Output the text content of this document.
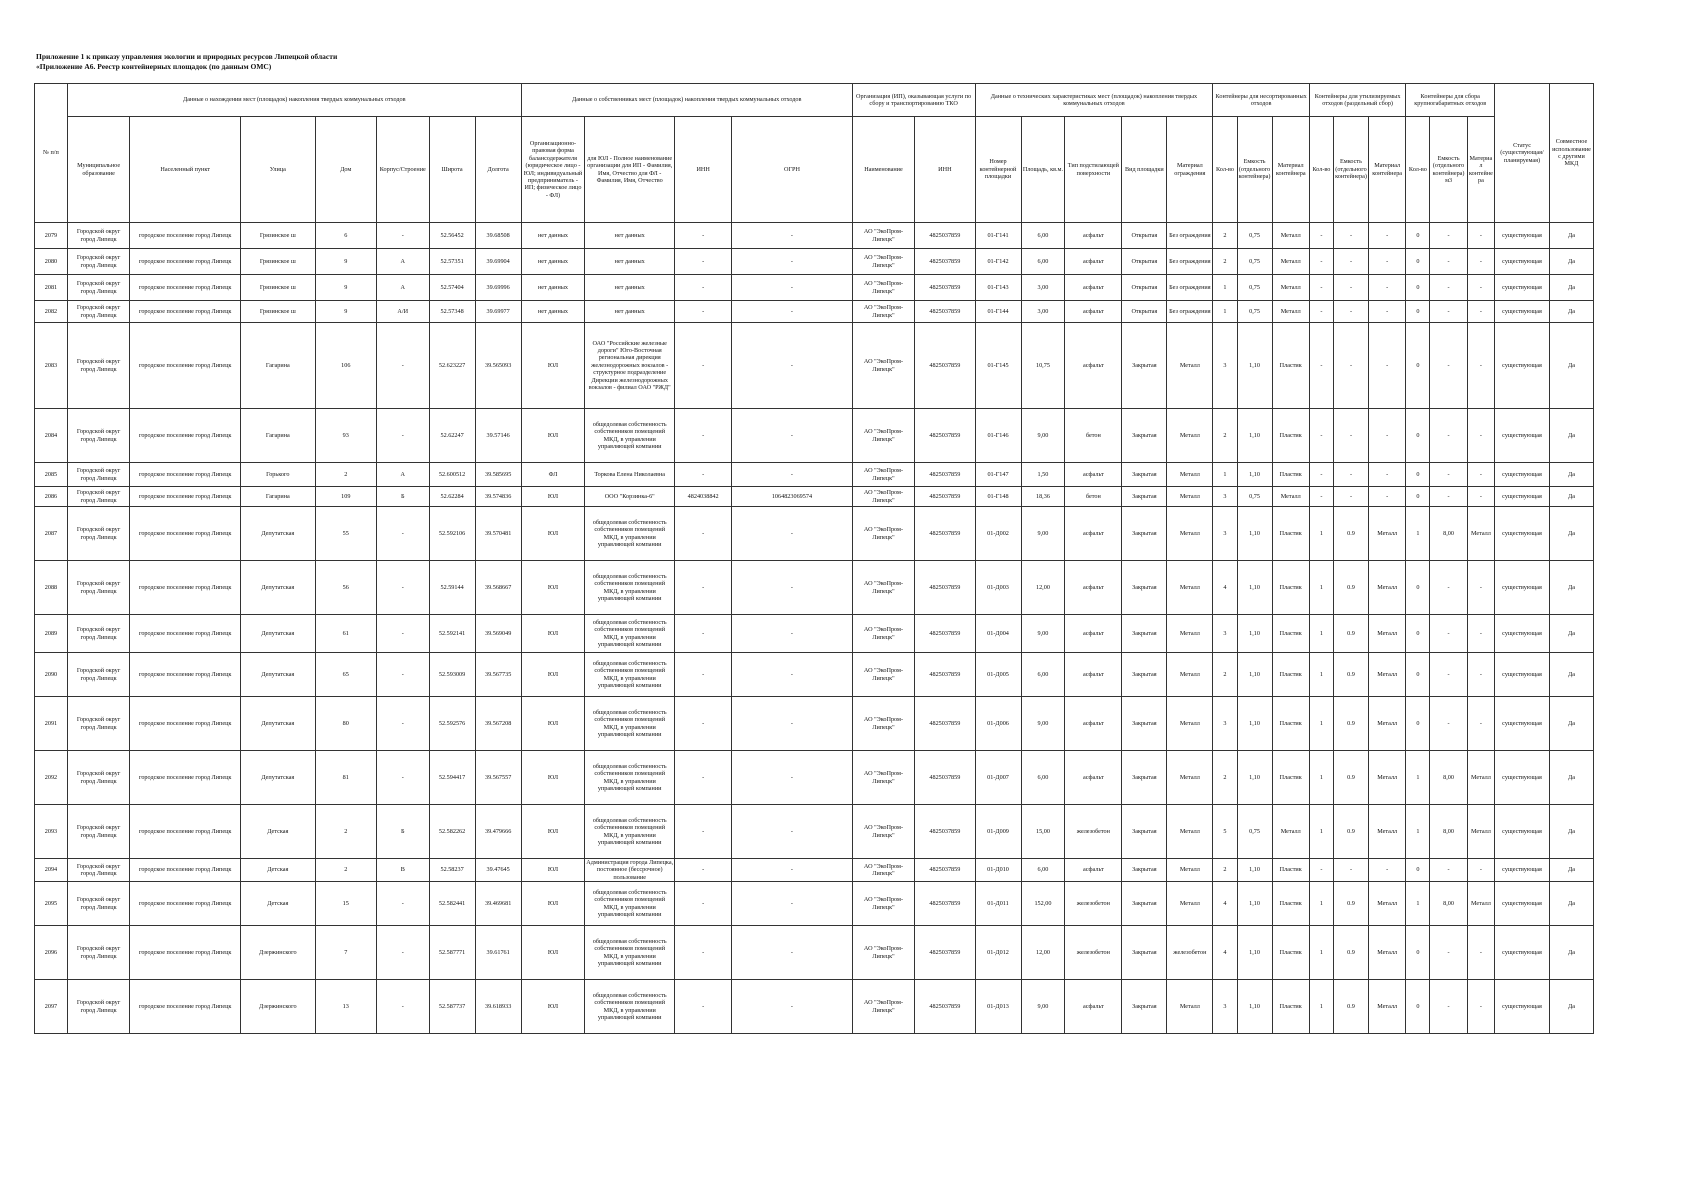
Приложение 1 к приказу управления экологии и природных ресурсов Липецкой области
«Приложение А6. Реестр контейнерных площадок (по данным ОМС)
№ п/п	Данные о нахождении мест (площадок) накопления твердых коммунальных отходов							Данные о собственниках мест (площадок) накопления твердых коммунальных отходов				Организация (ИП), оказывающая услуги по сбору и транспортированию ТКО		Данные о технических характеристиках мест (площадок) накопления твердых коммунальных отходов					Контейнеры для несортированных отходов			Контейнеры для утилизируемых отходов (раздельный сбор)			Контейнеры для сбора крупногабаритных отходов			Статус (существующая/планируемая)	Совместное использование с другими МКД
	Муниципальное образование	Населенный пункт	Улица	Дом	Корпус/Строение	Широта	Долгота	Организационно-правовая форма балансодержателя (юридическое лицо - ЮЛ; индивидуальный предприниматель - ИП; физическое лицо - ФЛ)	для ЮЛ - Полное наименование организации для ИП - Фамилия, Имя, Отчество для ФЛ - Фамилия, Имя, Отчество	ИНН	ОГРН	Наименование	ИНН	Номер контейнерной площадки	Площадь, кв.м.	Тип подстилающей поверхности	Вид площадки	Материал ограждения	Кол-во	Емкость (отдельного контейнера)	Материал контейнера	Кол-во	Емкость (отдельного контейнера)	Материал контейнера	Кол-во	Емкость (отдельного контейнера) м3	Материал контейнера		
2079	Городской округ город Липецк	городское поселение город Липецк	Грязинское ш	6	-	52.56452	39.68508	нет данных	нет данных	-	-	АО "ЭкоПром-Липецк"	4825037859	01-Г141	6,00	асфальт	Открытая	Без ограждения	2	0,75	Металл	-	-	-	0	-	-	существующая	Да
2080	Городской округ город Липецк	городское поселение город Липецк	Грязинское ш	9	А	52.57351	39.69904	нет данных	нет данных	-	-	АО "ЭкоПром-Липецк"	4825037859	01-Г142	6,00	асфальт	Открытая	Без ограждения	2	0,75	Металл	-	-	-	0	-	-	существующая	Да
2081	Городской округ город Липецк	городское поселение город Липецк	Грязинское ш	9	А	52.57404	39.69996	нет данных	нет данных	-	-	АО "ЭкоПром-Липецк"	4825037859	01-Г143	3,00	асфальт	Открытая	Без ограждения	1	0,75	Металл	-	-	-	0	-	-	существующая	Да
2082	Городской округ город Липецк	городское поселение город Липецк	Грязинское ш	9	А/И	52.57348	39.69977	нет данных	нет данных	-	-	АО "ЭкоПром-Липецк"	4825037859	01-Г144	3,00	асфальт	Открытая	Без ограждения	1	0,75	Металл	-	-	-	0	-	-	существующая	Да
2083	Городской округ город Липецк	городское поселение город Липецк	Гагарина	106	-	52.623227	39.565093	ЮЛ	ОАО "Российские железные дороги" Юго-Восточная региональная дирекция железнодорожных вокзалов - структурное подразделение Дирекции железнодорожных вокзалов - филиал ОАО "РЖД"	-	-	АО "ЭкоПром-Липецк"	4825037859	01-Г145	10,75	асфальт	Закрытая	Металл	3	1,10	Пластик	-	-	-	0	-	-	существующая	Да
2084	Городской округ город Липецк	городское поселение город Липецк	Гагарина	93	-	52.62247	39.57146	ЮЛ	общедолевая собственность собственников помещений МКД, в управлении управляющей компании	-	-	АО "ЭкоПром-Липецк"	4825037859	01-Г146	9,00	бетон	Закрытая	Металл	2	1,10	Пластик	-	-	-	0	-	-	существующая	Да
2085	Городской округ город Липецк	городское поселение город Липецк	Горького	2	А	52.600512	39.585695	ФЛ	Торкова Елена Николаевна	-	-	АО "ЭкоПром-Липецк"	4825037859	01-Г147	1,50	асфальт	Закрытая	Металл	1	1,10	Пластик	-	-	-	0	-	-	существующая	Да
2086	Городской округ город Липецк	городское поселение город Липецк	Гагарина	109	Б	52.62284	39.574836	ЮЛ	ООО "Корзинка-6"	4824038842	1064823069574	АО "ЭкоПром-Липецк"	4825037859	01-Г148	18,36	бетон	Закрытая	Металл	3	0,75	Металл	-	-	-	0	-	-	существующая	Да
2087	Городской округ город Липецк	городское поселение город Липецк	Депутатская	55	-	52.592106	39.570481	ЮЛ	общедолевая собственность собственников помещений МКД, в управлении управляющей компании	-	-	АО "ЭкоПром-Липецк"	4825037859	01-Д002	9,00	асфальт	Закрытая	Металл	3	1,10	Пластик	1	0.9	Металл	1	8,00	Металл	существующая	Да
2088	Городской округ город Липецк	городское поселение город Липецк	Депутатская	56	-	52.59144	39.568667	ЮЛ	общедолевая собственность собственников помещений МКД, в управлении управляющей компании	-	-	АО "ЭкоПром-Липецк"	4825037859	01-Д003	12,00	асфальт	Закрытая	Металл	4	1,10	Пластик	1	0.9	Металл	0	-	-	существующая	Да
2089	Городской округ город Липецк	городское поселение город Липецк	Депутатская	61	-	52.592141	39.569049	ЮЛ	общедолевая собственность собственников помещений МКД, в управлении управляющей компании	-	-	АО "ЭкоПром-Липецк"	4825037859	01-Д004	9,00	асфальт	Закрытая	Металл	3	1,10	Пластик	1	0.9	Металл	0	-	-	существующая	Да
2090	Городской округ город Липецк	городское поселение город Липецк	Депутатская	65	-	52.593009	39.567735	ЮЛ	общедолевая собственность собственников помещений МКД, в управлении управляющей компании	-	-	АО "ЭкоПром-Липецк"	4825037859	01-Д005	6,00	асфальт	Закрытая	Металл	2	1,10	Пластик	1	0.9	Металл	0	-	-	существующая	Да
2091	Городской округ город Липецк	городское поселение город Липецк	Депутатская	80	-	52.592576	39.567208	ЮЛ	общедолевая собственность собственников помещений МКД, в управлении управляющей компании	-	-	АО "ЭкоПром-Липецк"	4825037859	01-Д006	9,00	асфальт	Закрытая	Металл	3	1,10	Пластик	1	0.9	Металл	0	-	-	существующая	Да
2092	Городской округ город Липецк	городское поселение город Липецк	Депутатская	81	-	52.594417	39.567557	ЮЛ	общедолевая собственность собственников помещений МКД, в управлении управляющей компании	-	-	АО "ЭкоПром-Липецк"	4825037859	01-Д007	6,00	асфальт	Закрытая	Металл	2	1,10	Пластик	1	0.9	Металл	1	8,00	Металл	существующая	Да
2093	Городской округ город Липецк	городское поселение город Липецк	Детская	2	Б	52.582262	39.479666	ЮЛ	общедолевая собственность собственников помещений МКД, в управлении управляющей компании	-	-	АО "ЭкоПром-Липецк"	4825037859	01-Д009	15,00	железобетон	Закрытая	Металл	5	0,75	Металл	1	0.9	Металл	1	8,00	Металл	существующая	Да
2094	Городской округ город Липецк	городское поселение город Липецк	Детская	2	В	52.58237	39.47645	ЮЛ	Администрация города Липецка, постоянное (бессрочное) пользование	-	-	АО "ЭкоПром-Липецк"	4825037859	01-Д010	6,00	асфальт	Закрытая	Металл	2	1,10	Пластик	-	-	-	0	-	-	существующая	Да
2095	Городской округ город Липецк	городское поселение город Липецк	Детская	15	-	52.582441	39.469681	ЮЛ	общедолевая собственность собственников помещений МКД, в управлении управляющей компании	-	-	АО "ЭкоПром-Липецк"	4825037859	01-Д011	152,00	железобетон	Закрытая	Металл	4	1,10	Пластик	1	0.9	Металл	1	8,00	Металл	существующая	Да
2096	Городской округ город Липецк	городское поселение город Липецк	Дзержинского	7	-	52.587771	39.61761	ЮЛ	общедолевая собственность собственников помещений МКД, в управлении управляющей компании	-	-	АО "ЭкоПром-Липецк"	4825037859	01-Д012	12,00	железобетон	Закрытая	железобетон	4	1,10	Пластик	1	0.9	Металл	0	-	-	существующая	Да
2097	Городской округ город Липецк	городское поселение город Липецк	Дзержинского	13	-	52.587737	39.618933	ЮЛ	общедолевая собственность собственников помещений МКД, в управлении управляющей компании	-	-	АО "ЭкоПром-Липецк"	4825037859	01-Д013	9,00	асфальт	Закрытая	Металл	3	1,10	Пластик	1	0.9	Металл	0	-	-	существующая	Да
